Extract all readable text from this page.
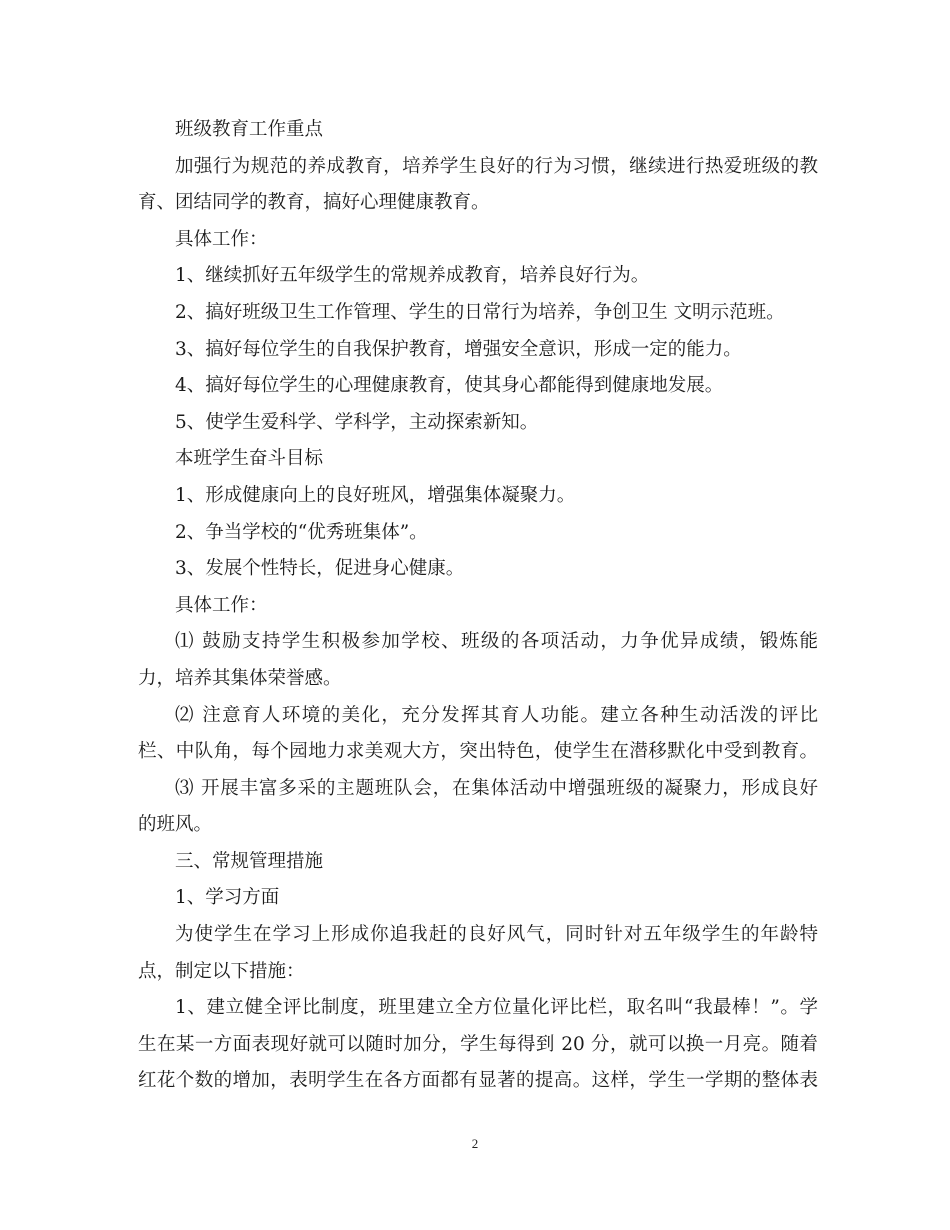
班级教育工作重点
加强行为规范的养成教育，培养学生良好的行为习惯，继续进行热爱班级的教
育、团结同学的教育，搞好心理健康教育。
具体工作：
1、继续抓好五年级学生的常规养成教育，培养良好行为。
2、搞好班级卫生工作管理、学生的日常行为培养，争创卫生 文明示范班。
3、搞好每位学生的自我保护教育，增强安全意识，形成一定的能力。
4、搞好每位学生的心理健康教育，使其身心都能得到健康地发展。
5、使学生爱科学、学科学，主动探索新知。
本班学生奋斗目标
1、形成健康向上的良好班风，增强集体凝聚力。
2、争当学校的“优秀班集体”。
3、发展个性特长，促进身心健康。
具体工作：
⑴ 鼓励支持学生积极参加学校、班级的各项活动，力争优异成绩，锻炼能
力，培养其集体荣誉感。
⑵ 注意育人环境的美化，充分发挥其育人功能。建立各种生动活泼的评比
栏、中队角，每个园地力求美观大方，突出特色，使学生在潜移默化中受到教育。
⑶ 开展丰富多采的主题班队会，在集体活动中增强班级的凝聚力，形成良好
的班风。
三、常规管理措施
1、学习方面
为使学生在学习上形成你追我赶的良好风气，同时针对五年级学生的年龄特
点，制定以下措施：
1、建立健全评比制度，班里建立全方位量化评比栏，取名叫“我最棒！”。学
生在某一方面表现好就可以随时加分，学生每得到 20 分，就可以换一月亮。随着
红花个数的增加，表明学生在各方面都有显著的提高。这样，学生一学期的整体表
2
